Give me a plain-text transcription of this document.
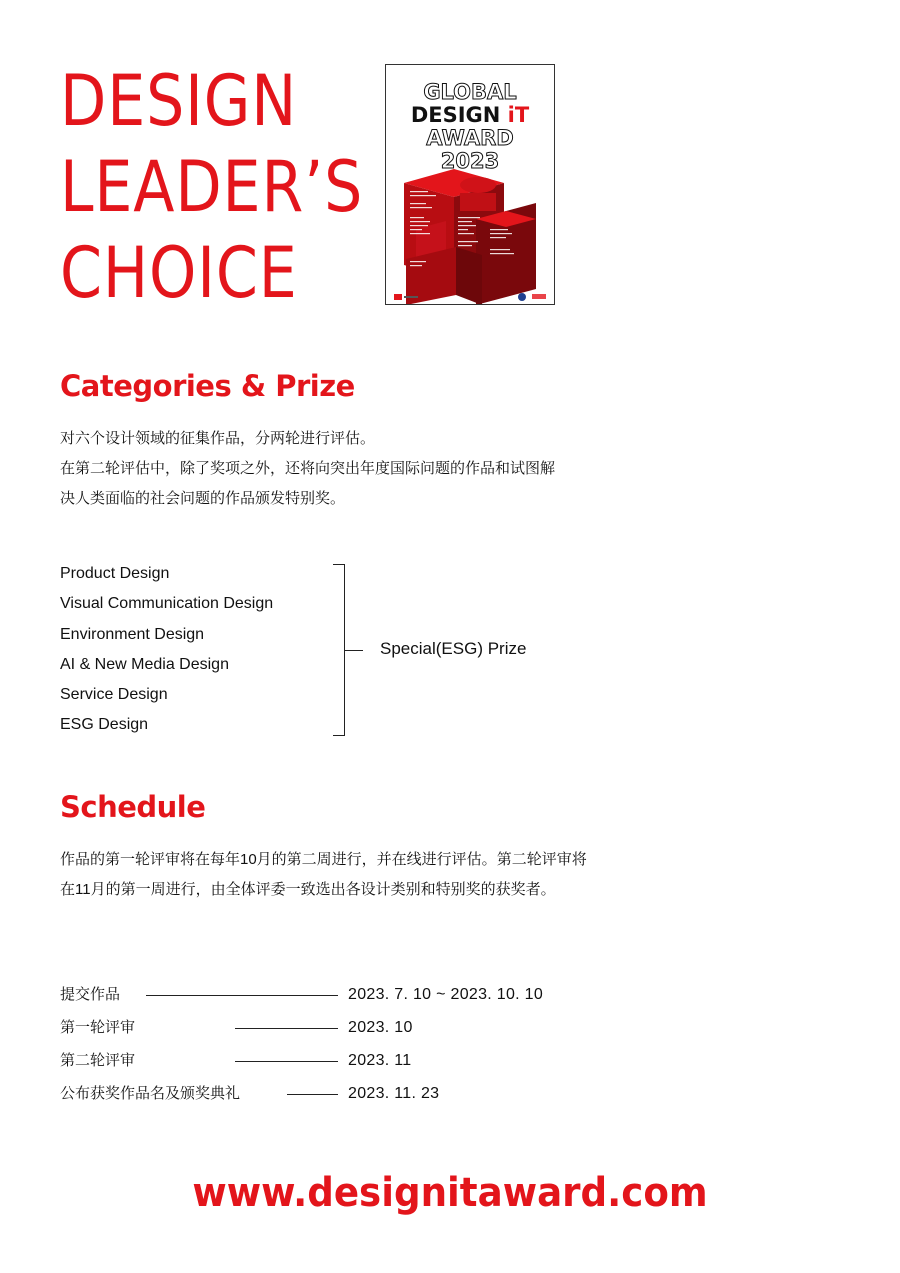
DESIGN
LEADER’S
CHOICE
GLOBAL
DESIGN iT
AWARD
2023
Categories & Prize

对六个设计领域的征集作品，分两轮进行评估。

在第二轮评估中，除了奖项之外，还将向突出年度国际问题的作品和试图解

决人类面临的社会问题的作品颁发特别奖。

Product Design
Visual Communication Design
Environment Design
AI & New Media Design
Service Design
ESG Design
Special(ESG) Prize
Schedule

作品的第一轮评审将在每年10月的第二周进行，并在线进行评估。第二轮评审将

在11月的第一周进行，由全体评委一致选出各设计类别和特别奖的获奖者。

提交作品	2023. 7. 10 ~ 2023. 10. 10
第一轮评审	2023. 10
第二轮评审	2023. 11
公布获奖作品名及颁奖典礼	2023. 11. 23
www.designitaward.com
